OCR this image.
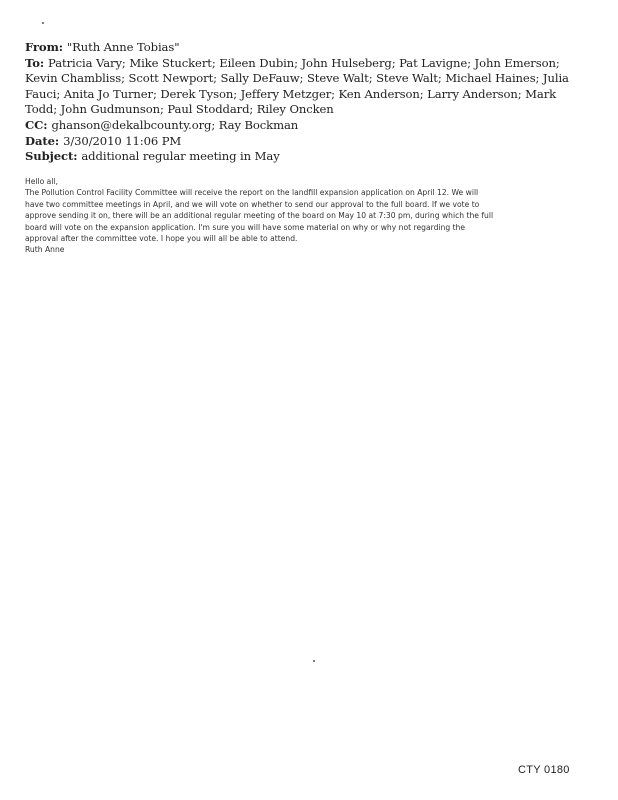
From: "Ruth Anne Tobias"
To: Patricia Vary; Mike Stuckert; Eileen Dubin; John Hulseberg; Pat Lavigne; John Emerson;
Kevin Chambliss; Scott Newport; Sally DeFauw; Steve Walt; Steve Walt; Michael Haines; Julia
Fauci; Anita Jo Turner; Derek Tyson; Jeffery Metzger; Ken Anderson; Larry Anderson; Mark
Todd; John Gudmunson; Paul Stoddard; Riley Oncken
CC: ghanson@dekalbcounty.org; Ray Bockman
Date: 3/30/2010 11:06 PM
Subject: additional regular meeting in May
Hello all,
The Pollution Control Facility Committee will receive the report on the landfill expansion application on April 12. We will
have two committee meetings in April, and we will vote on whether to send our approval to the full board. If we vote to
approve sending it on, there will be an additional regular meeting of the board on May 10 at 7:30 pm, during which the full
board will vote on the expansion application. I'm sure you will have some material on why or why not regarding the
approval after the committee vote. I hope you will all be able to attend.
Ruth Anne
CTY 0180
